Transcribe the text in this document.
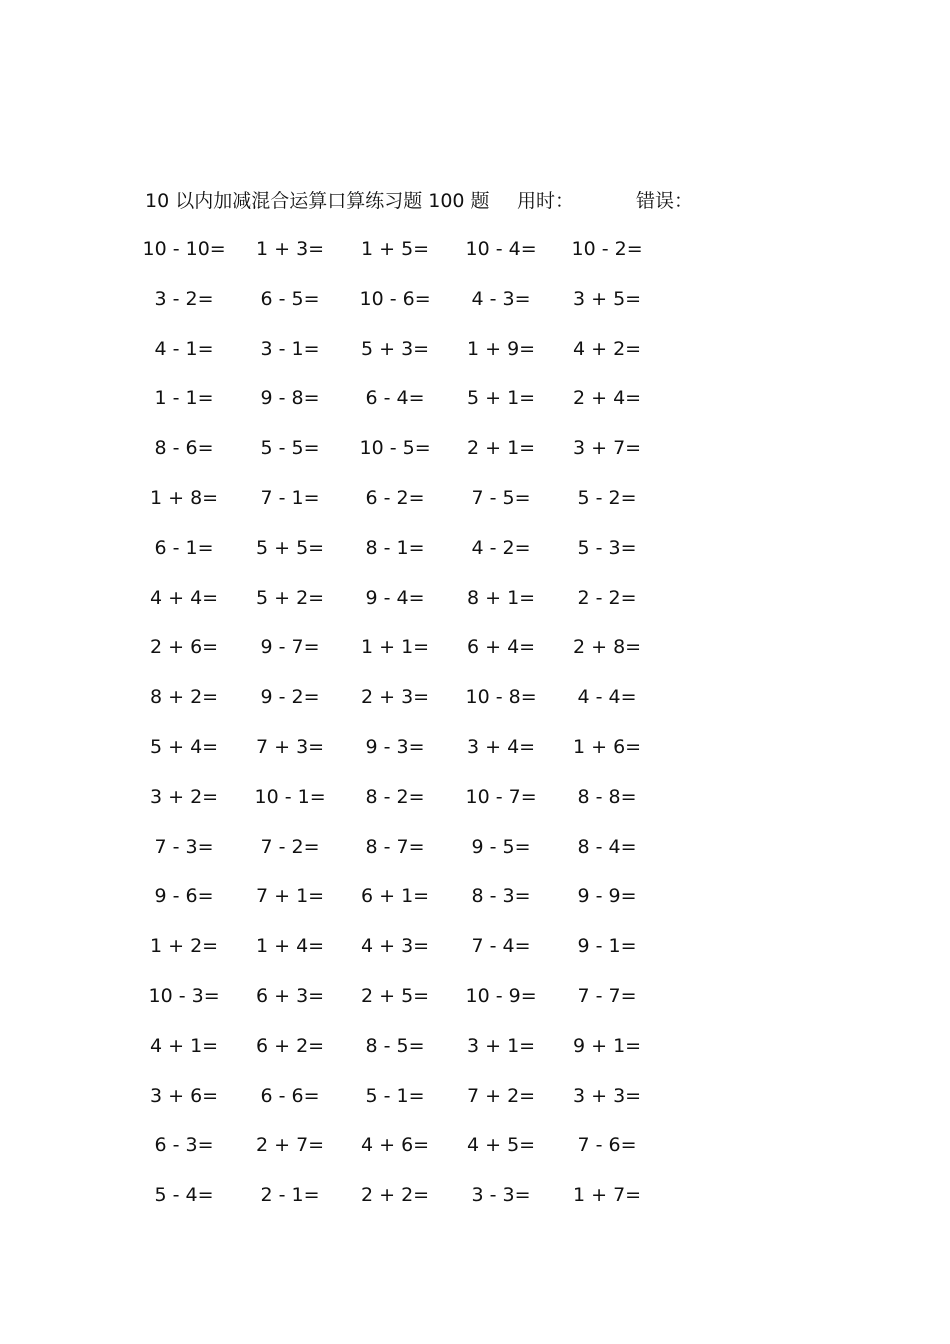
10 以内加减混合运算口算练习题 100 题 用时：	错误：
10 - 10= 1 + 3= 1 + 5= 10 - 4= 10 - 2=
3 - 2= 6 - 5= 10 - 6= 4 - 3= 3 + 5=
4 - 1= 3 - 1= 5 + 3= 1 + 9= 4 + 2=
1 - 1= 9 - 8= 6 - 4= 5 + 1= 2 + 4=
8 - 6= 5 - 5= 10 - 5= 2 + 1= 3 + 7=
1 + 8= 7 - 1= 6 - 2= 7 - 5= 5 - 2=
6 - 1= 5 + 5= 8 - 1= 4 - 2= 5 - 3=
4 + 4= 5 + 2= 9 - 4= 8 + 1= 2 - 2=
2 + 6= 9 - 7= 1 + 1= 6 + 4= 2 + 8=
8 + 2= 9 - 2= 2 + 3= 10 - 8= 4 - 4=
5 + 4= 7 + 3= 9 - 3= 3 + 4= 1 + 6=
3 + 2= 10 - 1= 8 - 2= 10 - 7= 8 - 8=
7 - 3= 7 - 2= 8 - 7= 9 - 5= 8 - 4=
9 - 6= 7 + 1= 6 + 1= 8 - 3= 9 - 9=
1 + 2= 1 + 4= 4 + 3= 7 - 4= 9 - 1=
10 - 3= 6 + 3= 2 + 5= 10 - 9= 7 - 7=
4 + 1= 6 + 2= 8 - 5= 3 + 1= 9 + 1=
3 + 6= 6 - 6= 5 - 1= 7 + 2= 3 + 3=
6 - 3= 2 + 7= 4 + 6= 4 + 5= 7 - 6=
5 - 4= 2 - 1= 2 + 2= 3 - 3= 1 + 7=
